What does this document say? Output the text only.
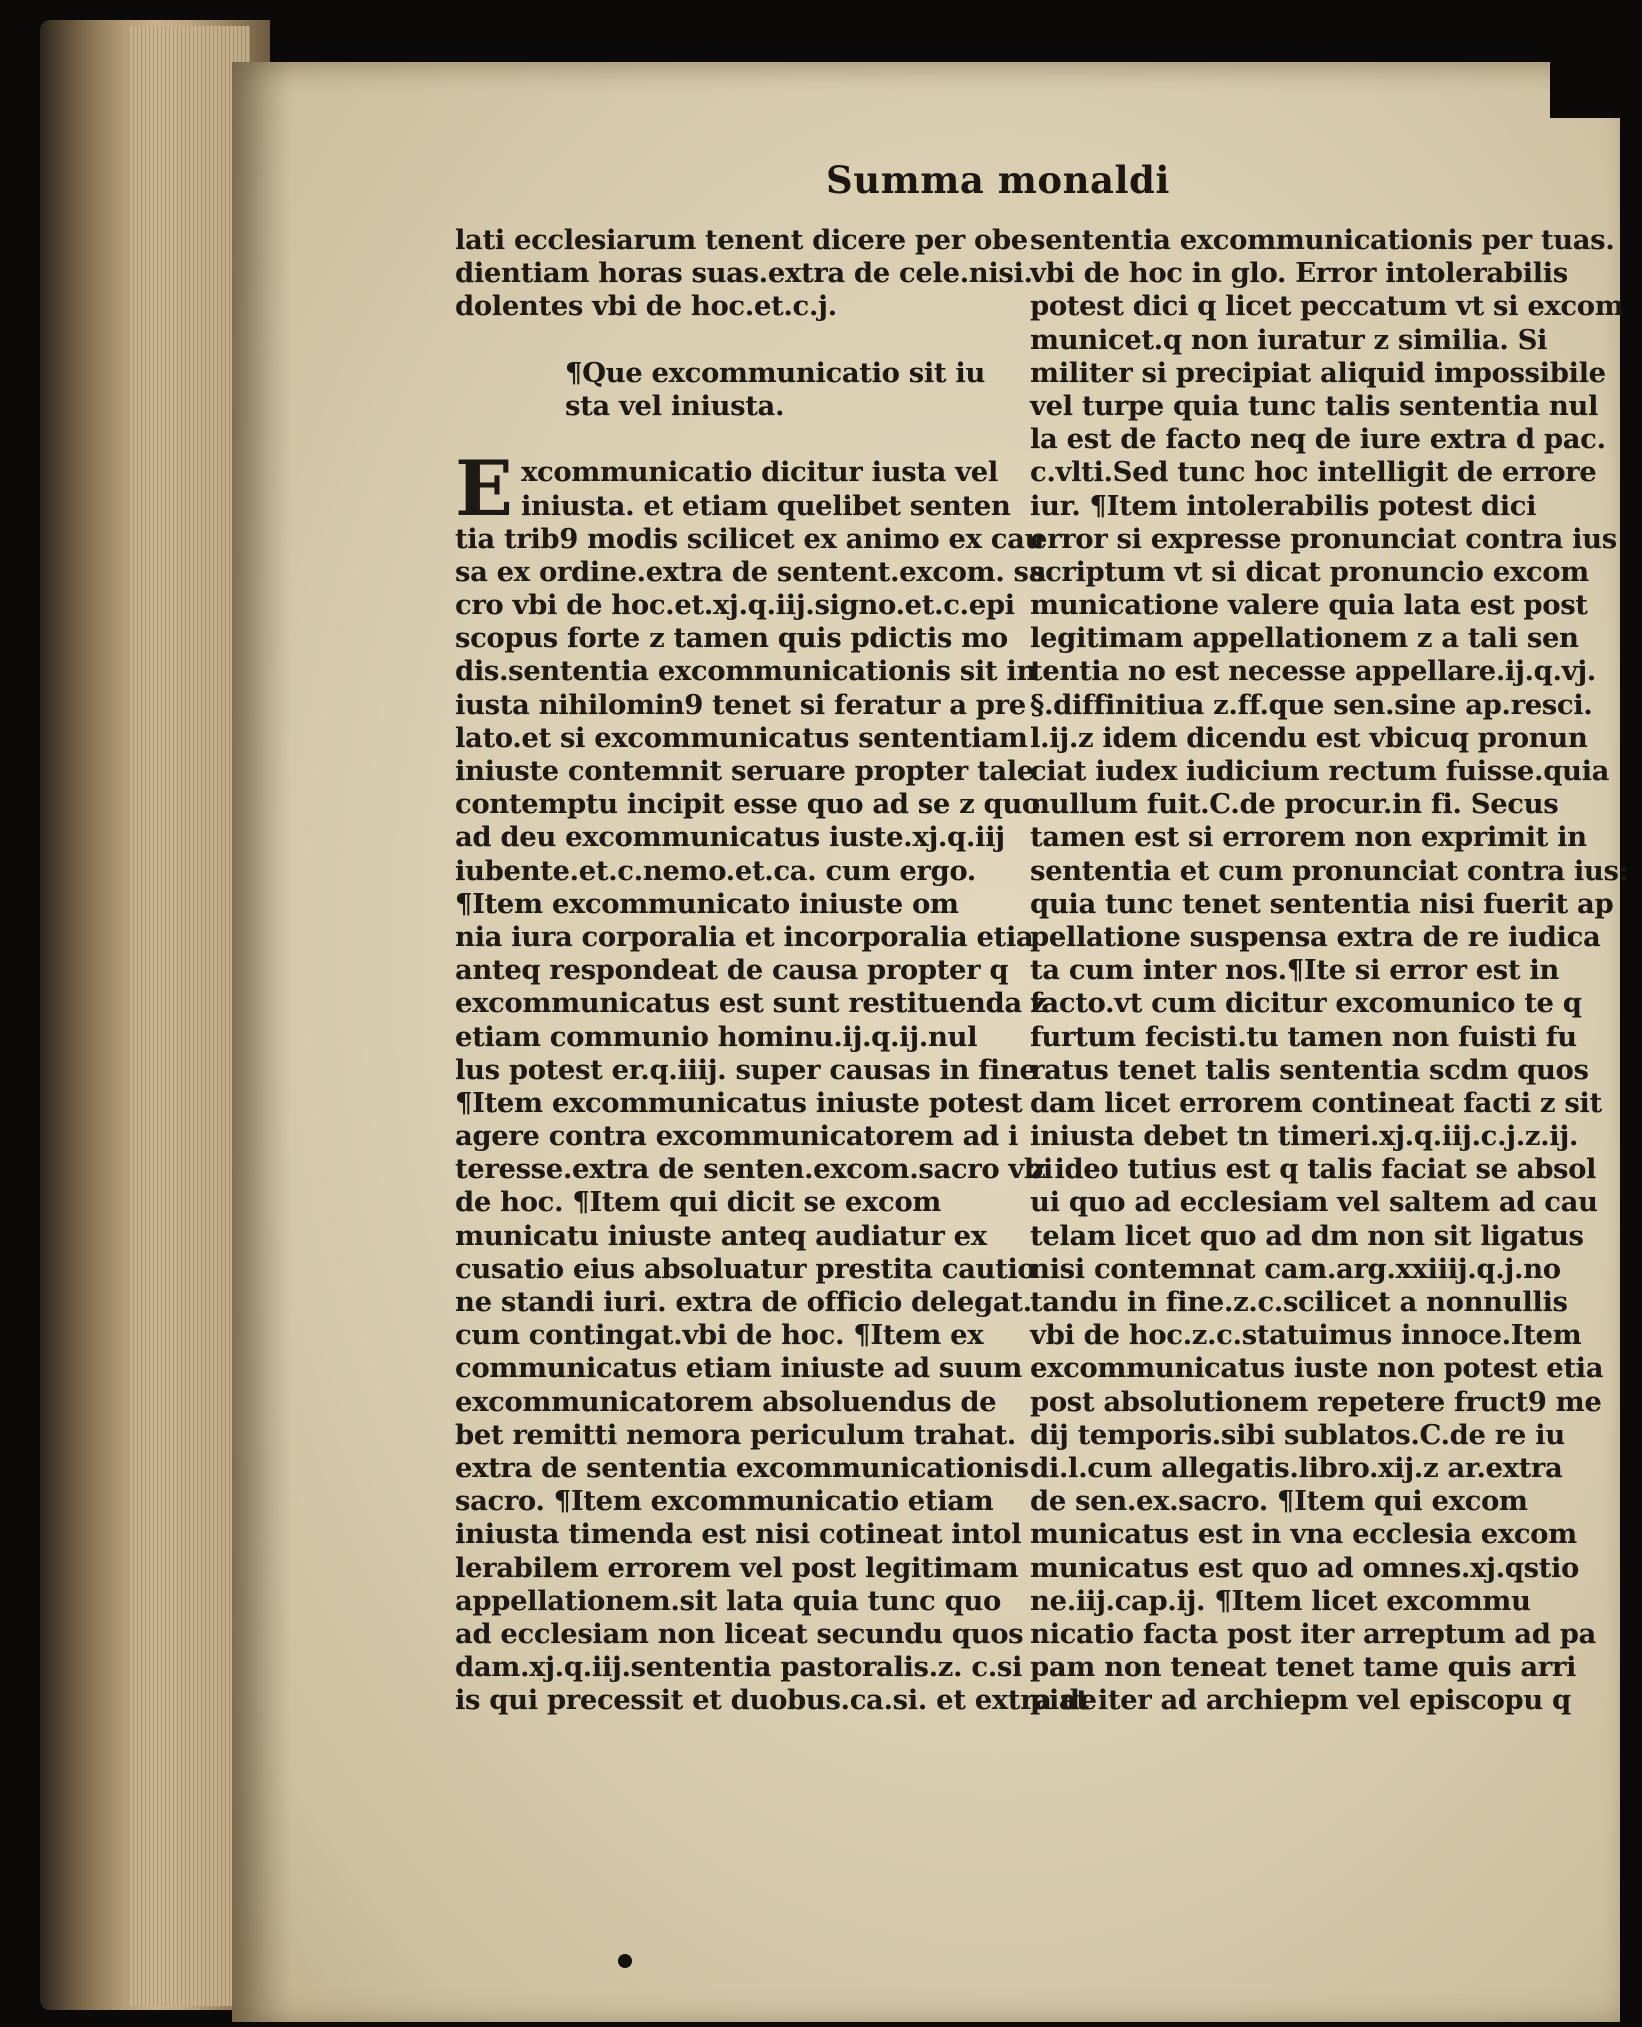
Summa monaldi
lati ecclesiarum tenent dicere per obe
dientiam horas suas.extra de cele.nisi.
dolentes vbi de hoc.et.c.j.
¶Que excommunicatio sit iu
sta vel iniusta.
E xcommunicatio dicitur iusta vel
iniusta. et etiam quelibet senten
tia trib9 modis scilicet ex animo ex cau
sa ex ordine.extra de sentent.excom. sa
cro vbi de hoc.et.xj.q.iij.signo.et.c.epi
scopus forte z tamen quis pdictis mo
dis.sententia excommunicationis sit in
iusta nihilomin9 tenet si feratur a pre
lato.et si excommunicatus sententiam
iniuste contemnit seruare propter tale
contemptu incipit esse quo ad se z quo
ad deu excommunicatus iuste.xj.q.iij
iubente.et.c.nemo.et.ca. cum ergo.
¶Item excommunicato iniuste om
nia iura corporalia et incorporalia etia
anteq respondeat de causa propter q
excommunicatus est sunt restituenda z
etiam communio hominu.ij.q.ij.nul
lus potest er.q.iiij. super causas in fine
¶Item excommunicatus iniuste potest
agere contra excommunicatorem ad i
teresse.extra de senten.excom.sacro vbi
de hoc. ¶Item qui dicit se excom
municatu iniuste anteq audiatur ex
cusatio eius absoluatur prestita cautio
ne standi iuri. extra de officio delegat.
cum contingat.vbi de hoc. ¶Item ex
communicatus etiam iniuste ad suum
excommunicatorem absoluendus de
bet remitti nemora periculum trahat.
extra de sententia excommunicationis
sacro. ¶Item excommunicatio etiam
iniusta timenda est nisi cotineat intol
lerabilem errorem vel post legitimam
appellationem.sit lata quia tunc quo
ad ecclesiam non liceat secundu quos
dam.xj.q.iij.sententia pastoralis.z. c.si
is qui precessit et duobus.ca.si. et extra de
sententia excommunicationis per tuas.
vbi de hoc in glo. Error intolerabilis
potest dici q licet peccatum vt si excom
municet.q non iuratur z similia. Si
militer si precipiat aliquid impossibile
vel turpe quia tunc talis sententia nul
la est de facto neq de iure extra d pac.
c.vlti.Sed tunc hoc intelligit de errore
iur. ¶Item intolerabilis potest dici
error si expresse pronunciat contra ius
scriptum vt si dicat pronuncio excom
municatione valere quia lata est post
legitimam appellationem z a tali sen
tentia no est necesse appellare.ij.q.vj.
§.diffinitiua z.ff.que sen.sine ap.resci.
l.ij.z idem dicendu est vbicuq pronun
ciat iudex iudicium rectum fuisse.quia
nullum fuit.C.de procur.in fi. Secus
tamen est si errorem non exprimit in
sententia et cum pronunciat contra ius:
quia tunc tenet sententia nisi fuerit ap
pellatione suspensa extra de re iudica
ta cum inter nos.¶Ite si error est in
facto.vt cum dicitur excomunico te q
furtum fecisti.tu tamen non fuisti fu
ratus tenet talis sententia scdm quos
dam licet errorem contineat facti z sit
iniusta debet tn timeri.xj.q.iij.c.j.z.ij.
z ideo tutius est q talis faciat se absol
ui quo ad ecclesiam vel saltem ad cau
telam licet quo ad dm non sit ligatus
nisi contemnat cam.arg.xxiiij.q.j.no
tandu in fine.z.c.scilicet a nonnullis
vbi de hoc.z.c.statuimus innoce.Item
excommunicatus iuste non potest etia
post absolutionem repetere fruct9 me
dij temporis.sibi sublatos.C.de re iu
di.l.cum allegatis.libro.xij.z ar.extra
de sen.ex.sacro. ¶Item qui excom
municatus est in vna ecclesia excom
municatus est quo ad omnes.xj.qstio
ne.iij.cap.ij. ¶Item licet excommu
nicatio facta post iter arreptum ad pa
pam non teneat tenet tame quis arri
piat iter ad archiepm vel episcopu q
